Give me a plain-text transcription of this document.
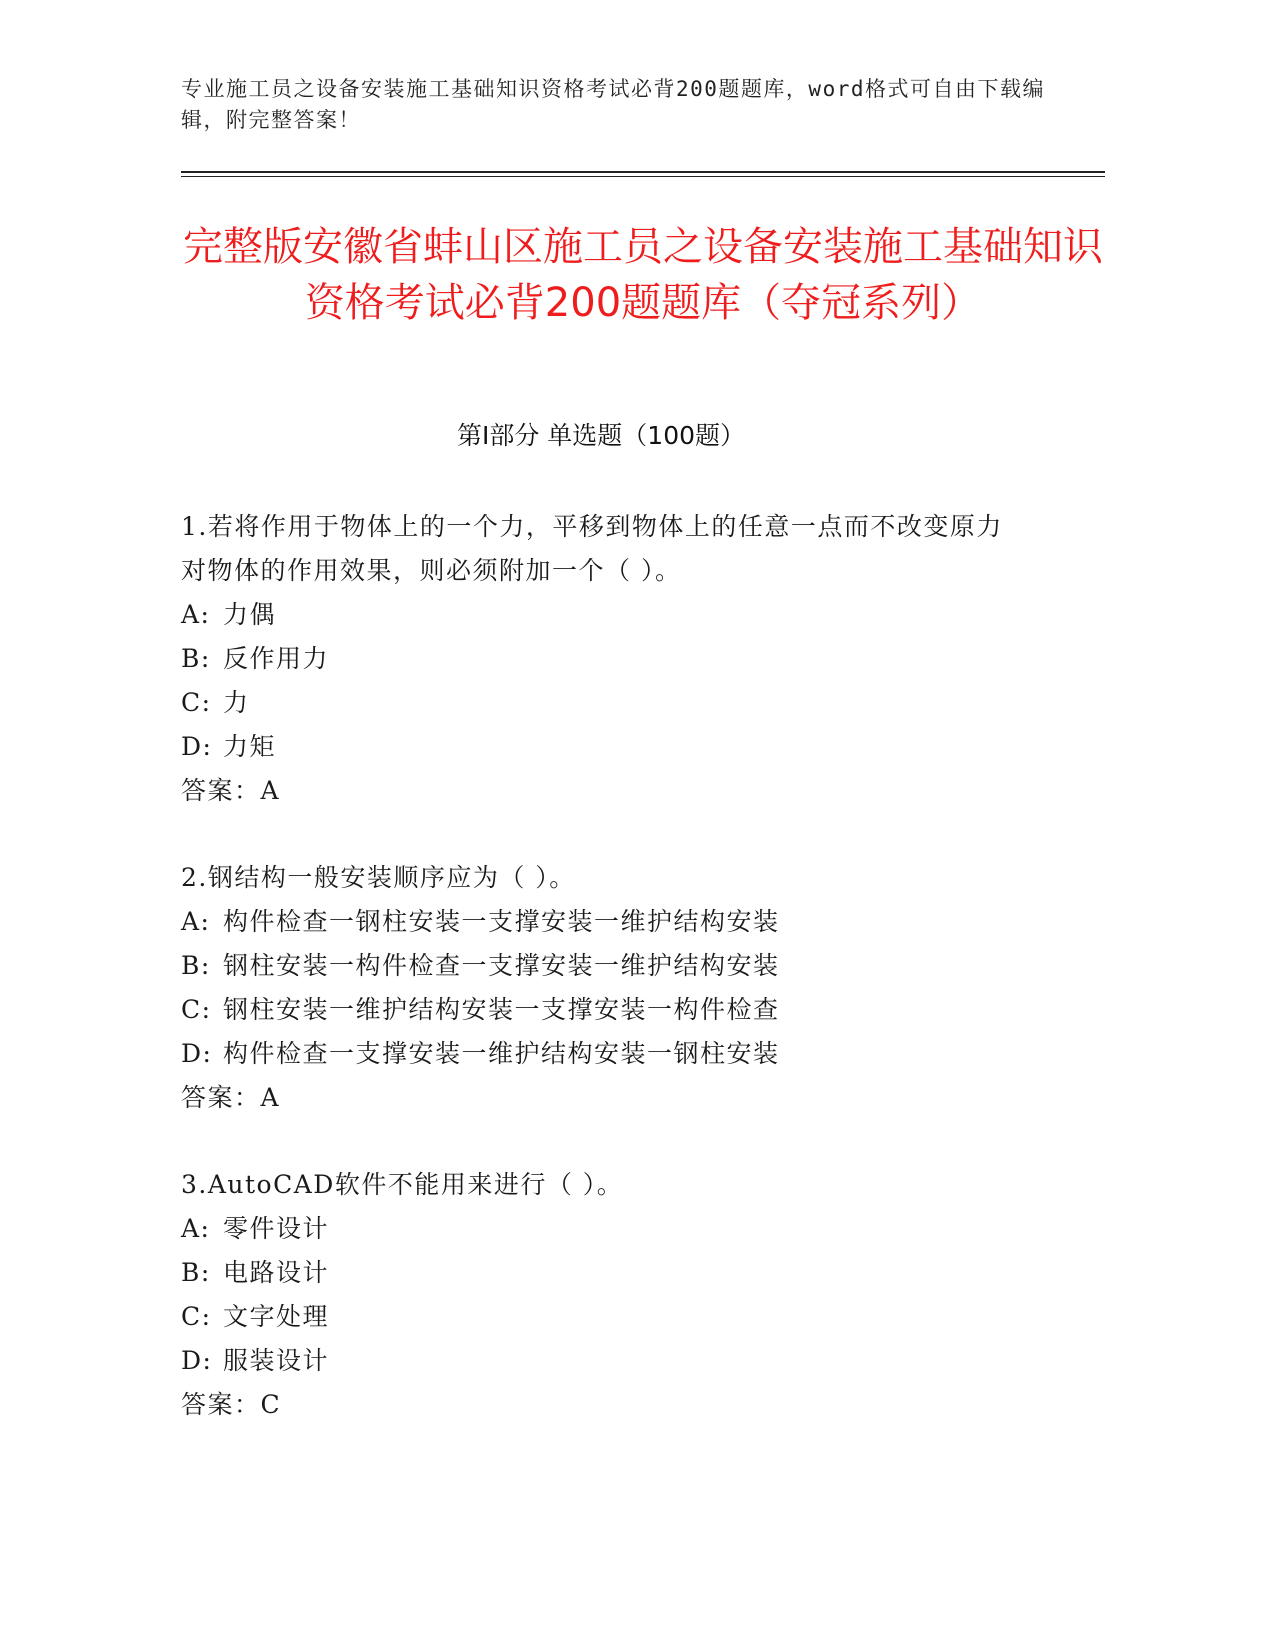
专业施工员之设备安装施工基础知识资格考试必背200题题库，word格式可自由下载编辑，附完整答案！
完整版安徽省蚌山区施工员之设备安装施工基础知识资格考试必背200题题库（夺冠系列）
第Ⅰ部分 单选题（100题）
1.若将作用于物体上的一个力，平移到物体上的任意一点而不改变原力对物体的作用效果，则必须附加一个（ ）。
A: 力偶
B: 反作用力
C: 力
D: 力矩
答案：A
2.钢结构一般安装顺序应为（ ）。
A: 构件检查一钢柱安装一支撑安装一维护结构安装
B: 钢柱安装一构件检查一支撑安装一维护结构安装
C: 钢柱安装一维护结构安装一支撑安装一构件检查
D: 构件检查一支撑安装一维护结构安装一钢柱安装
答案：A
3.AutoCAD软件不能用来进行（ ）。
A: 零件设计
B: 电路设计
C: 文字处理
D: 服装设计
答案：C
